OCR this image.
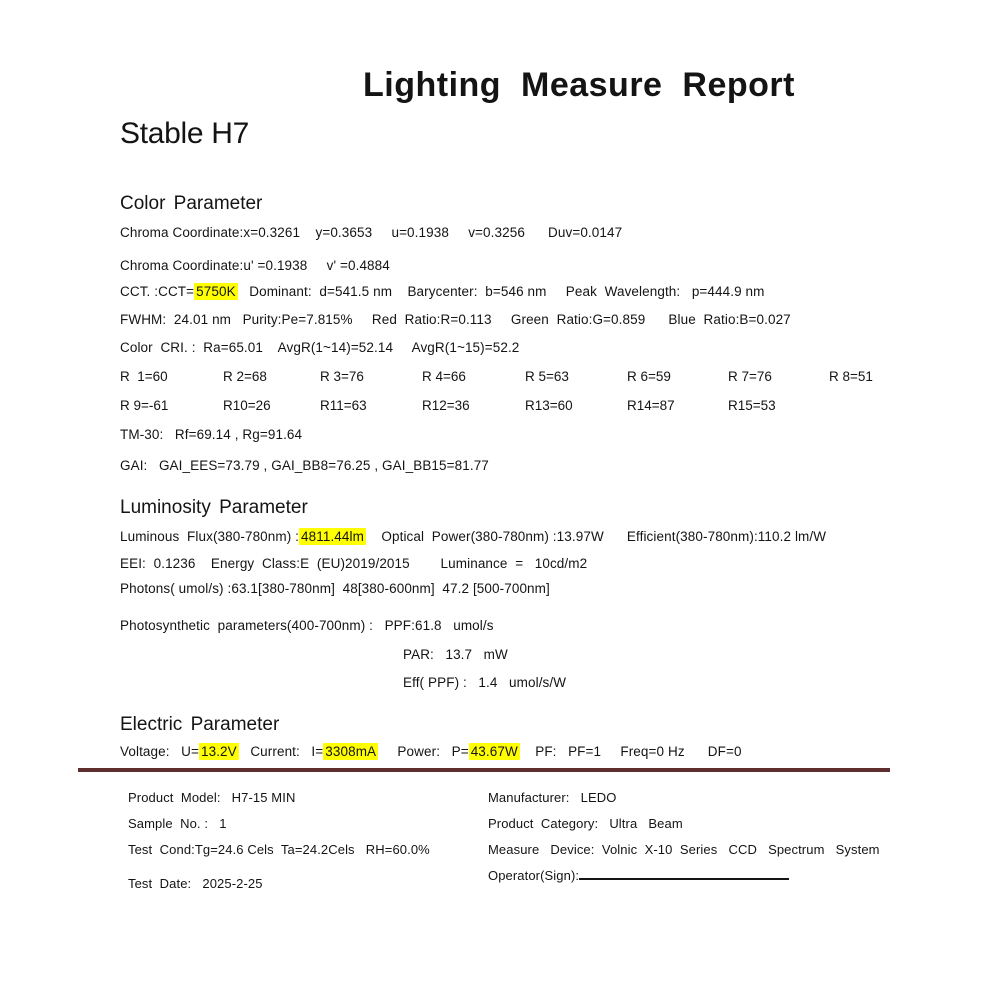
Lighting Measure Report
Stable H7
Color Parameter
Chroma Coordinate:x=0.3261    y=0.3653     u=0.1938     v=0.3256      Duv=0.0147
Chroma Coordinate:u' =0.1938     v' =0.4884
CCT. :CCT= 5750K   Dominant:  d=541.5 nm    Barycenter:  b=546 nm     Peak  Wavelength:   p=444.9 nm
FWHM:  24.01 nm   Purity:Pe=7.815%     Red  Ratio:R=0.113     Green  Ratio:G=0.859      Blue  Ratio:B=0.027
Color  CRI. :  Ra=65.01    AvgR(1~14)=52.14     AvgR(1~15)=52.2
R  1=60	R 2=68	R 3=76	R 4=66	R 5=63	R 6=59	R 7=76	R 8=51
R 9=-61	R10=26	R11=63	R12=36	R13=60	R14=87	R15=53
TM-30:   Rf=69.14 , Rg=91.64
GAI:   GAI_EES=73.79 , GAI_BB8=76.25 , GAI_BB15=81.77
Luminosity Parameter
Luminous  Flux(380-780nm) : 4811.44lm    Optical  Power(380-780nm) :13.97W      Efficient(380-780nm):110.2 lm/W
EEI:  0.1236    Energy  Class:E  (EU)2019/2015        Luminance  =   10cd/m2
Photons( umol/s) :63.1[380-780nm]  48[380-600nm]  47.2 [500-700nm]
Photosynthetic  parameters(400-700nm) :   PPF:61.8   umol/s
PAR:   13.7   mW
Eff( PPF) :   1.4   umol/s/W
Electric Parameter
Voltage:   U= 13.2V   Current:   I= 3308mA     Power:   P= 43.67W    PF:   PF=1     Freq=0 Hz      DF=0
Product  Model:   H7-15 MIN
Sample  No. :   1
Test  Cond:Tg=24.6 Cels  Ta=24.2Cels   RH=60.0%
Test  Date:   2025-2-25
Manufacturer:   LEDO
Product  Category:   Ultra   Beam
Measure   Device:  Volnic  X-10  Series   CCD   Spectrum   System
Operator(Sign):
